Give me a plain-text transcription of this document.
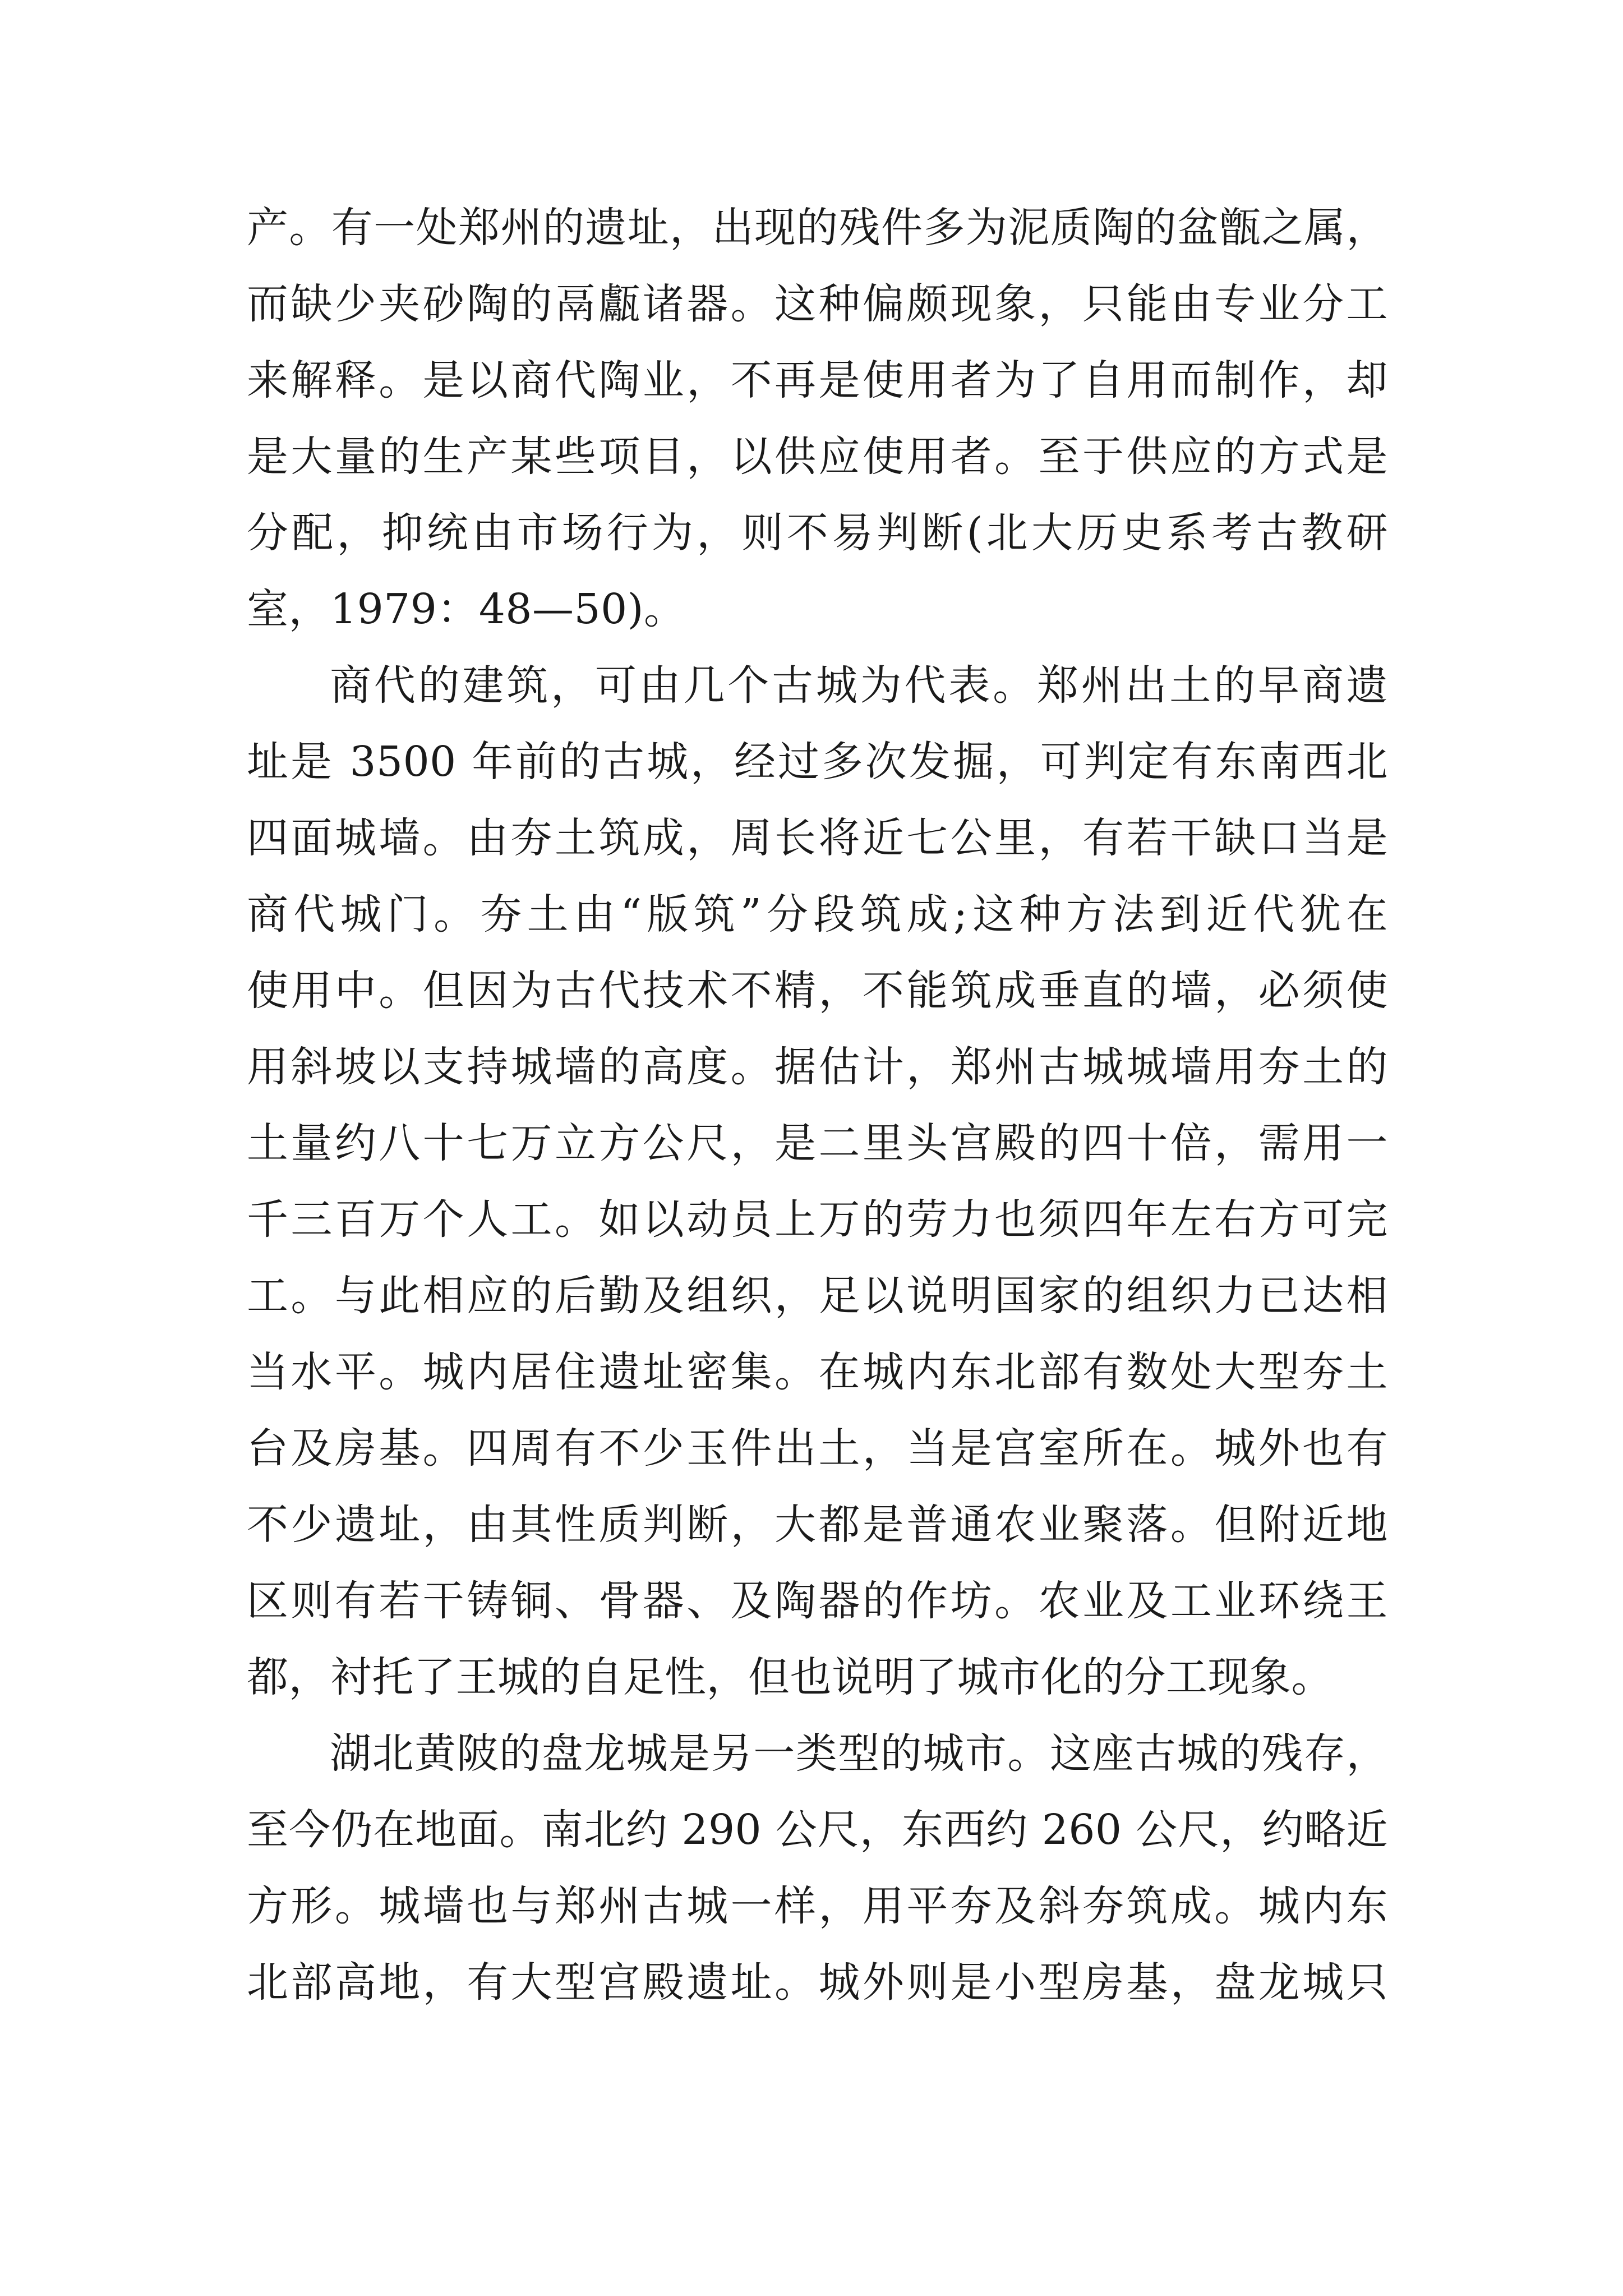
产。有一处郑州的遗址，出现的残件多为泥质陶的盆甑之属，
而缺少夹砂陶的鬲甗诸器。这种偏颇现象，只能由专业分工
来解释。是以商代陶业，不再是使用者为了自用而制作，却
是大量的生产某些项目，以供应使用者。至于供应的方式是
分配，抑统由市场行为，则不易判断(北大历史系考古教研
室，1979：48—50)。
商代的建筑，可由几个古城为代表。郑州出土的早商遗
址是 3500 年前的古城，经过多次发掘，可判定有东南西北
四面城墙。由夯土筑成，周长将近七公里，有若干缺口当是
商代城门。夯土由“版筑”分段筑成;这种方法到近代犹在
使用中。但因为古代技术不精，不能筑成垂直的墙，必须使
用斜坡以支持城墙的高度。据估计，郑州古城城墙用夯土的
土量约八十七万立方公尺，是二里头宫殿的四十倍，需用一
千三百万个人工。如以动员上万的劳力也须四年左右方可完
工。与此相应的后勤及组织，足以说明国家的组织力已达相
当水平。城内居住遗址密集。在城内东北部有数处大型夯土
台及房基。四周有不少玉件出土，当是宫室所在。城外也有
不少遗址，由其性质判断，大都是普通农业聚落。但附近地
区则有若干铸铜、骨器、及陶器的作坊。农业及工业环绕王
都，衬托了王城的自足性，但也说明了城市化的分工现象。
湖北黄陂的盘龙城是另一类型的城市。这座古城的残存，
至今仍在地面。南北约 290 公尺，东西约 260 公尺，约略近
方形。城墙也与郑州古城一样，用平夯及斜夯筑成。城内东
北部高地，有大型宫殿遗址。城外则是小型房基，盘龙城只
